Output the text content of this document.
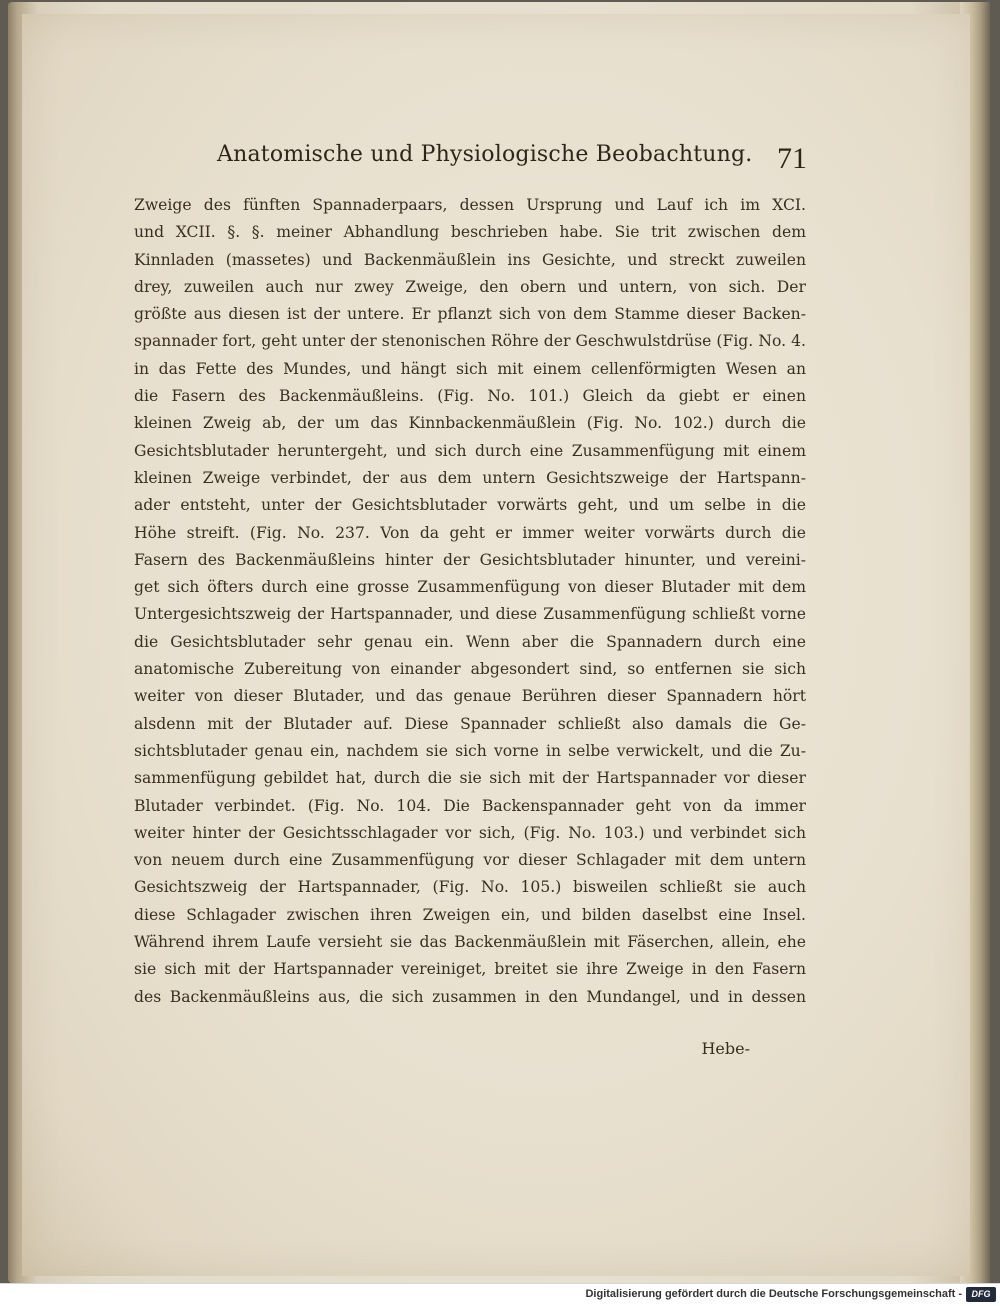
Anatomische und Physiologische Beobachtung. 71
Zweige des fünften Spannaderpaars, dessen Ursprung und Lauf ich im XCI.
und XCII. §. §. meiner Abhandlung beschrieben habe. Sie trit zwischen dem
Kinnladen (massetes) und Backenmäußlein ins Gesichte, und streckt zuweilen
drey, zuweilen auch nur zwey Zweige, den obern und untern, von sich. Der
größte aus diesen ist der untere. Er pflanzt sich von dem Stamme dieser Backen-
spannader fort, geht unter der stenonischen Röhre der Geschwulstdrüse (Fig. No. 4.
in das Fette des Mundes, und hängt sich mit einem cellenförmigten Wesen an
die Fasern des Backenmäußleins. (Fig. No. 101.) Gleich da giebt er einen
kleinen Zweig ab, der um das Kinnbackenmäußlein (Fig. No. 102.) durch die
Gesichtsblutader heruntergeht, und sich durch eine Zusammenfügung mit einem
kleinen Zweige verbindet, der aus dem untern Gesichtszweige der Hartspann-
ader entsteht, unter der Gesichtsblutader vorwärts geht, und um selbe in die
Höhe streift. (Fig. No. 237. Von da geht er immer weiter vorwärts durch die
Fasern des Backenmäußleins hinter der Gesichtsblutader hinunter, und vereini-
get sich öfters durch eine grosse Zusammenfügung von dieser Blutader mit dem
Untergesichtszweig der Hartspannader, und diese Zusammenfügung schließt vorne
die Gesichtsblutader sehr genau ein. Wenn aber die Spannadern durch eine
anatomische Zubereitung von einander abgesondert sind, so entfernen sie sich
weiter von dieser Blutader, und das genaue Berühren dieser Spannadern hört
alsdenn mit der Blutader auf. Diese Spannader schließt also damals die Ge-
sichtsblutader genau ein, nachdem sie sich vorne in selbe verwickelt, und die Zu-
sammenfügung gebildet hat, durch die sie sich mit der Hartspannader vor dieser
Blutader verbindet. (Fig. No. 104. Die Backenspannader geht von da immer
weiter hinter der Gesichtsschlagader vor sich, (Fig. No. 103.) und verbindet sich
von neuem durch eine Zusammenfügung vor dieser Schlagader mit dem untern
Gesichtszweig der Hartspannader, (Fig. No. 105.) bisweilen schließt sie auch
diese Schlagader zwischen ihren Zweigen ein, und bilden daselbst eine Insel.
Während ihrem Laufe versieht sie das Backenmäußlein mit Fäserchen, allein, ehe
sie sich mit der Hartspannader vereiniget, breitet sie ihre Zweige in den Fasern
des Backenmäußleins aus, die sich zusammen in den Mundangel, und in dessen
Hebe-
Digitalisierung gefördert durch die Deutsche Forschungsgemeinschaft -	DFG
